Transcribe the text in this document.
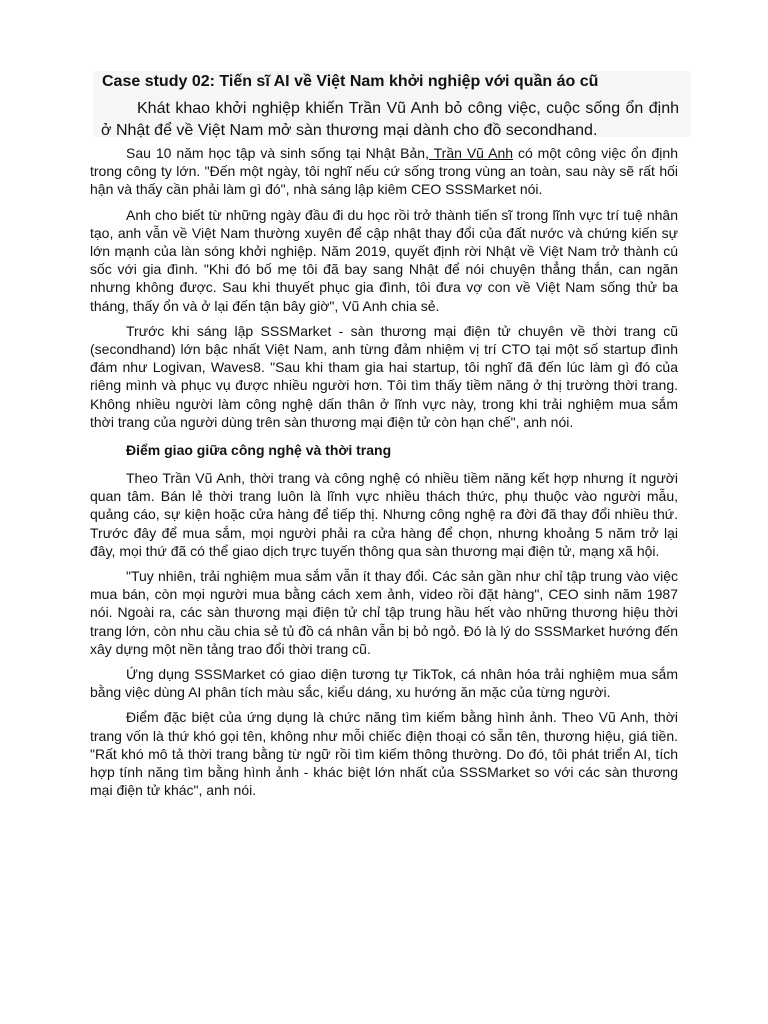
Case study 02: Tiến sĩ AI về Việt Nam khởi nghiệp với quần áo cũ

Khát khao khởi nghiệp khiến Trần Vũ Anh bỏ công việc, cuộc sống ổn định ở Nhật để về Việt Nam mở sàn thương mại dành cho đồ secondhand.

Sau 10 năm học tập và sinh sống tại Nhật Bản, Trần Vũ Anh có một công việc ổn định trong công ty lớn. "Đến một ngày, tôi nghĩ nếu cứ sống trong vùng an toàn, sau này sẽ rất hối hận và thấy cần phải làm gì đó", nhà sáng lập kiêm CEO SSSMarket nói.

Anh cho biết từ những ngày đầu đi du học rồi trở thành tiến sĩ trong lĩnh vực trí tuệ nhân tạo, anh vẫn về Việt Nam thường xuyên để cập nhật thay đổi của đất nước và chứng kiến sự lớn mạnh của làn sóng khởi nghiệp. Năm 2019, quyết định rời Nhật về Việt Nam trở thành cú sốc với gia đình. "Khi đó bố mẹ tôi đã bay sang Nhật để nói chuyện thẳng thắn, can ngăn nhưng không được. Sau khi thuyết phục gia đình, tôi đưa vợ con về Việt Nam sống thử ba tháng, thấy ổn và ở lại đến tận bây giờ", Vũ Anh chia sẻ.

Trước khi sáng lập SSSMarket - sàn thương mại điện tử chuyên về thời trang cũ (secondhand) lớn bậc nhất Việt Nam, anh từng đảm nhiệm vị trí CTO tại một số startup đình đám như Logivan, Waves8. "Sau khi tham gia hai startup, tôi nghĩ đã đến lúc làm gì đó của riêng mình và phục vụ được nhiều người hơn. Tôi tìm thấy tiềm năng ở thị trường thời trang. Không nhiều người làm công nghệ dấn thân ở lĩnh vực này, trong khi trải nghiệm mua sắm thời trang của người dùng trên sàn thương mại điện tử còn hạn chế", anh nói.

Điểm giao giữa công nghệ và thời trang

Theo Trần Vũ Anh, thời trang và công nghệ có nhiều tiềm năng kết hợp nhưng ít người quan tâm. Bán lẻ thời trang luôn là lĩnh vực nhiều thách thức, phụ thuộc vào người mẫu, quảng cáo, sự kiện hoặc cửa hàng để tiếp thị. Nhưng công nghệ ra đời đã thay đổi nhiều thứ. Trước đây để mua sắm, mọi người phải ra cửa hàng để chọn, nhưng khoảng 5 năm trở lại đây, mọi thứ đã có thể giao dịch trực tuyến thông qua sàn thương mại điện tử, mạng xã hội.

"Tuy nhiên, trải nghiệm mua sắm vẫn ít thay đổi. Các sản gần như chỉ tập trung vào việc mua bán, còn mọi người mua bằng cách xem ảnh, video rồi đặt hàng", CEO sinh năm 1987 nói. Ngoài ra, các sàn thương mại điện tử chỉ tập trung hầu hết vào những thương hiệu thời trang lớn, còn nhu cầu chia sẻ tủ đồ cá nhân vẫn bị bỏ ngỏ. Đó là lý do SSSMarket hướng đến xây dựng một nền tảng trao đổi thời trang cũ.

Ứng dụng SSSMarket có giao diện tương tự TikTok, cá nhân hóa trải nghiệm mua sắm bằng việc dùng AI phân tích màu sắc, kiểu dáng, xu hướng ăn mặc của từng người.

Điểm đặc biệt của ứng dụng là chức năng tìm kiếm bằng hình ảnh. Theo Vũ Anh, thời trang vốn là thứ khó gọi tên, không như mỗi chiếc điện thoại có sẵn tên, thương hiệu, giá tiền. "Rất khó mô tả thời trang bằng từ ngữ rồi tìm kiếm thông thường. Do đó, tôi phát triển AI, tích hợp tính năng tìm bằng hình ảnh - khác biệt lớn nhất của SSSMarket so với các sàn thương mại điện tử khác", anh nói.
